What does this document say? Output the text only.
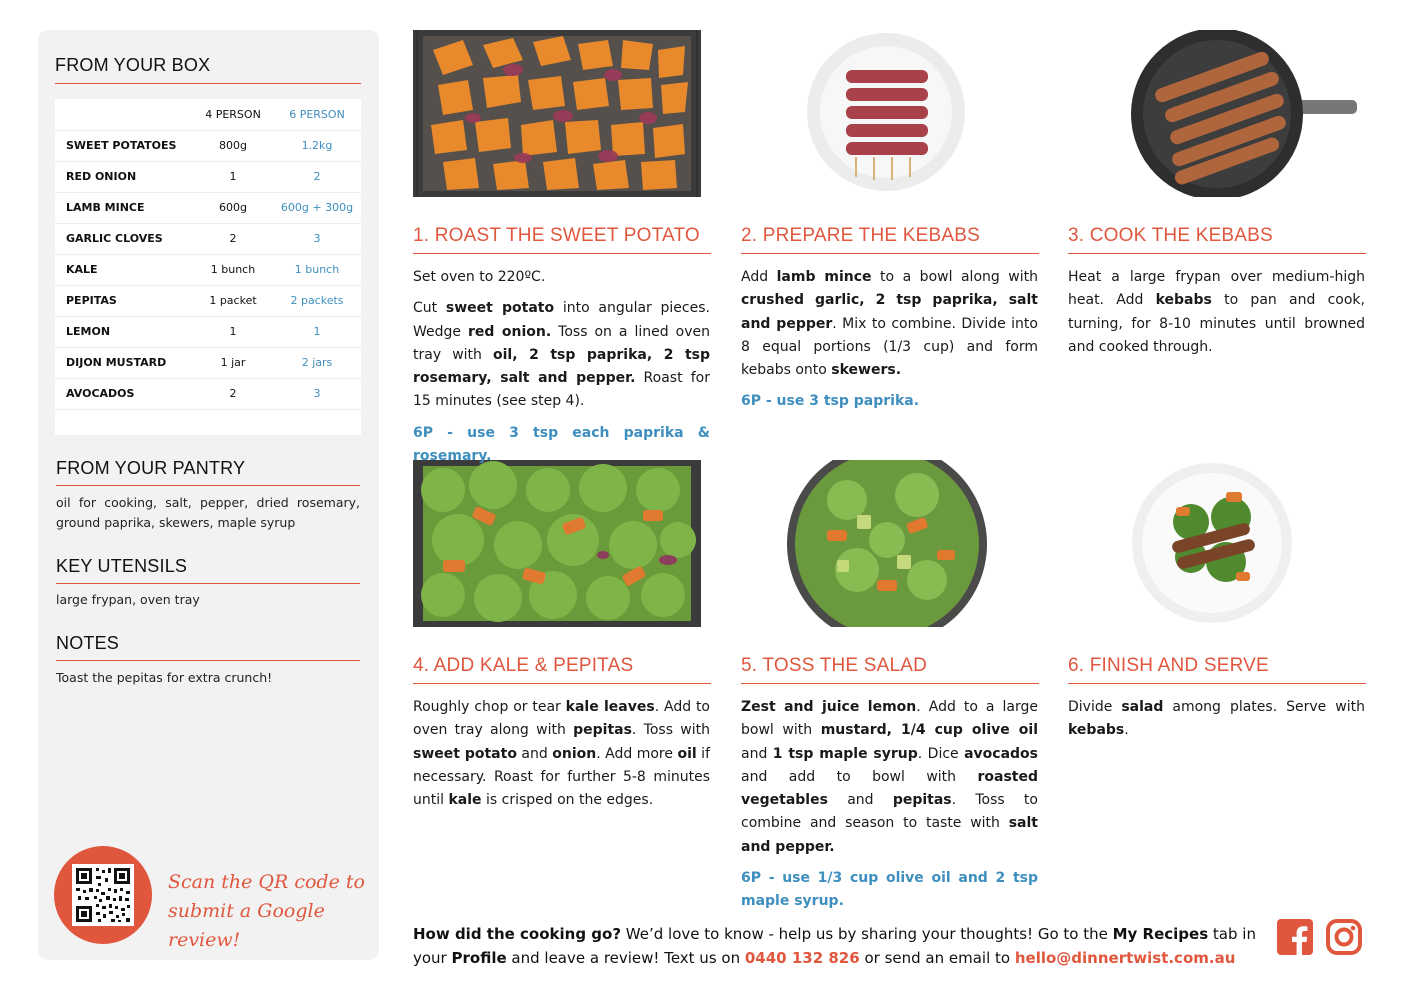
FROM YOUR BOX
4 PERSON	6 PERSON
SWEET POTATOES	800g	1.2kg
RED ONION	1	2
LAMB MINCE	600g	600g + 300g
GARLIC CLOVES	2	3
KALE	1 bunch	1 bunch
PEPITAS	1 packet	2 packets
LEMON	1	1
DIJON MUSTARD	1 jar	2 jars
AVOCADOS	2	3
FROM YOUR PANTRY
oil for cooking, salt, pepper, dried rosemary, ground paprika, skewers, maple syrup
KEY UTENSILS
large frypan, oven tray
NOTES
Toast the pepitas for extra crunch!
Scan the QR code to
submit a Google review!
1. ROAST THE SWEET POTATO

Set oven to 220ºC.

Cut sweet potato into angular pieces. Wedge red onion. Toss on a lined oven tray with oil, 2 tsp paprika, 2 tsp rosemary, salt and pepper. Roast for 15 minutes (see step 4).

6P - use 3 tsp each paprika & rosemary.

2. PREPARE THE KEBABS

Add lamb mince to a bowl along with crushed garlic, 2 tsp paprika, salt and pepper. Mix to combine. Divide into 8 equal portions (1/3 cup) and form kebabs onto skewers.

6P - use 3 tsp paprika.

3. COOK THE KEBABS

Heat a large frypan over medium-high heat. Add kebabs to pan and cook, turning, for 8-10 minutes until browned and cooked through.

4. ADD KALE & PEPITAS

Roughly chop or tear kale leaves. Add to oven tray along with pepitas. Toss with sweet potato and onion. Add more oil if necessary. Roast for further 5-8 minutes until kale is crisped on the edges.

5. TOSS THE SALAD

Zest and juice lemon. Add to a large bowl with mustard, 1/4 cup olive oil and 1 tsp maple syrup. Dice avocados and add to bowl with roasted vegetables and pepitas. Toss to combine and season to taste with salt and pepper.

6P - use 1/3 cup olive oil and 2 tsp maple syrup.

6. FINISH AND SERVE

Divide salad among plates. Serve with kebabs.

How did the cooking go? We’d love to know - help us by sharing your thoughts! Go to the My Recipes tab in your Profile and leave a review! Text us on 0440 132 826 or send an email to hello@dinnertwist.com.au
